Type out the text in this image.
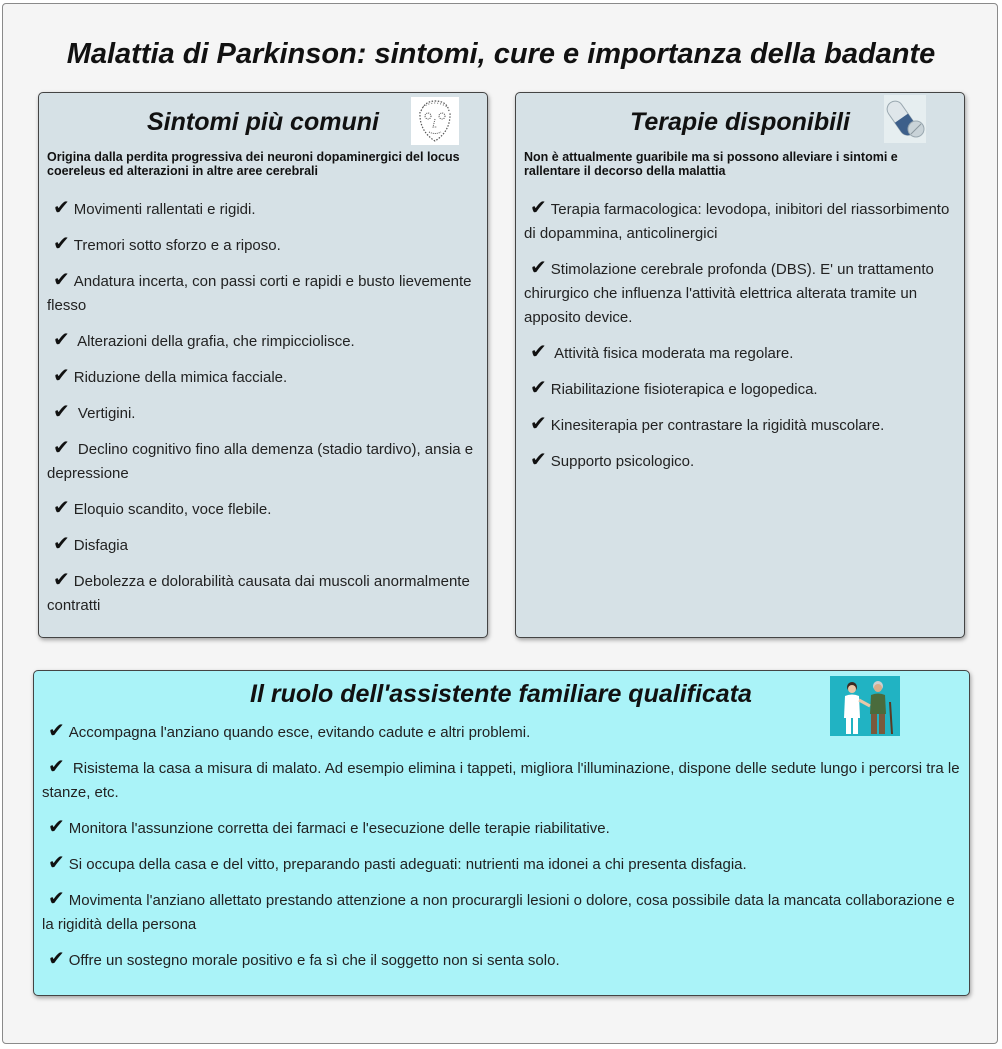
Malattia di Parkinson: sintomi, cure e importanza della badante
Sintomi più comuni

Origina dalla perdita progressiva dei neuroni dopaminergici del locus coereleus ed alterazioni in altre aree cerebrali

✔ Movimenti rallentati e rigidi.
✔ Tremori sotto sforzo e a riposo.
✔ Andatura incerta, con passi corti e rapidi e busto lievemente flesso
✔ Alterazioni della grafia, che rimpicciolisce.
✔ Riduzione della mimica facciale.
✔ Vertigini.
✔ Declino cognitivo fino alla demenza (stadio tardivo), ansia e depressione
✔ Eloquio scandito, voce flebile.
✔ Disfagia
✔ Debolezza e dolorabilità causata dai muscoli anormalmente contratti
Terapie disponibili

Non è attualmente guaribile ma si possono alleviare i sintomi e rallentare il decorso della malattia

✔ Terapia farmacologica: levodopa, inibitori del riassorbimento di dopammina, anticolinergici
✔ Stimolazione cerebrale profonda (DBS). E' un trattamento chirurgico che influenza l'attività elettrica alterata tramite un apposito device.
✔ Attività fisica moderata ma regolare.
✔ Riabilitazione fisioterapica e logopedica.
✔ Kinesiterapia per contrastare la rigidità muscolare.
✔ Supporto psicologico.
Il ruolo dell'assistente familiare qualificata
✔ Accompagna l'anziano quando esce, evitando cadute e altri problemi.
✔ Risistema la casa a misura di malato. Ad esempio elimina i tappeti, migliora l'illuminazione, dispone delle sedute lungo i percorsi tra le stanze, etc.
✔ Monitora l'assunzione corretta dei farmaci e l'esecuzione delle terapie riabilitative.
✔ Si occupa della casa e del vitto, preparando pasti adeguati: nutrienti ma idonei a chi presenta disfagia.
✔ Movimenta l'anziano allettato prestando attenzione a non procurargli lesioni o dolore, cosa possibile data la mancata collaborazione e la rigidità della persona
✔ Offre un sostegno morale positivo e fa sì che il soggetto non si senta solo.
